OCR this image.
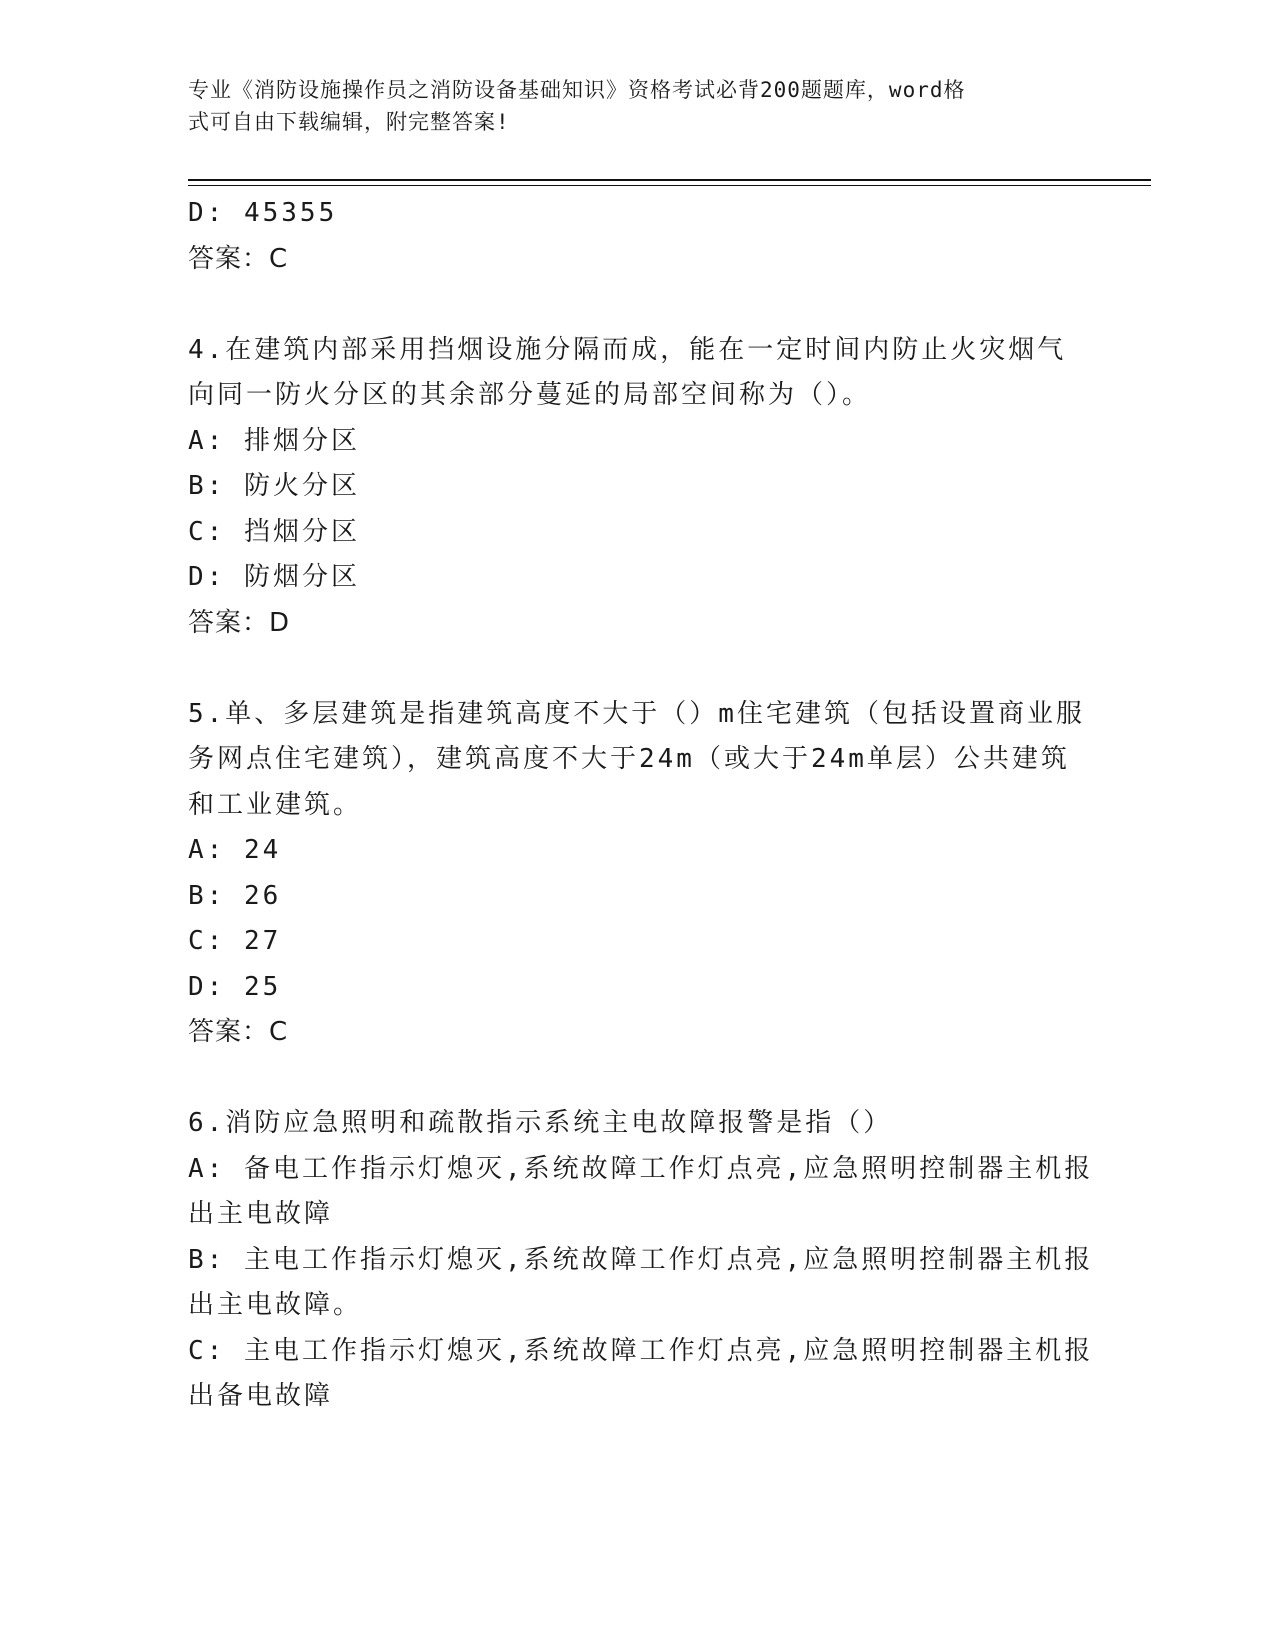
专业《消防设施操作员之消防设备基础知识》资格考试必背200题题库，word格
式可自由下载编辑，附完整答案!
D: 45355
答案：C
4.在建筑内部采用挡烟设施分隔而成，能在一定时间内防止火灾烟气
向同一防火分区的其余部分蔓延的局部空间称为（）。
A: 排烟分区
B: 防火分区
C: 挡烟分区
D: 防烟分区
答案：D
5.单、多层建筑是指建筑高度不大于（）m住宅建筑（包括设置商业服
务网点住宅建筑），建筑高度不大于24m（或大于24m单层）公共建筑
和工业建筑。
A: 24
B: 26
C: 27
D: 25
答案：C
6.消防应急照明和疏散指示系统主电故障报警是指（）
A: 备电工作指示灯熄灭,系统故障工作灯点亮,应急照明控制器主机报
出主电故障
B: 主电工作指示灯熄灭,系统故障工作灯点亮,应急照明控制器主机报
出主电故障。
C: 主电工作指示灯熄灭,系统故障工作灯点亮,应急照明控制器主机报
出备电故障
